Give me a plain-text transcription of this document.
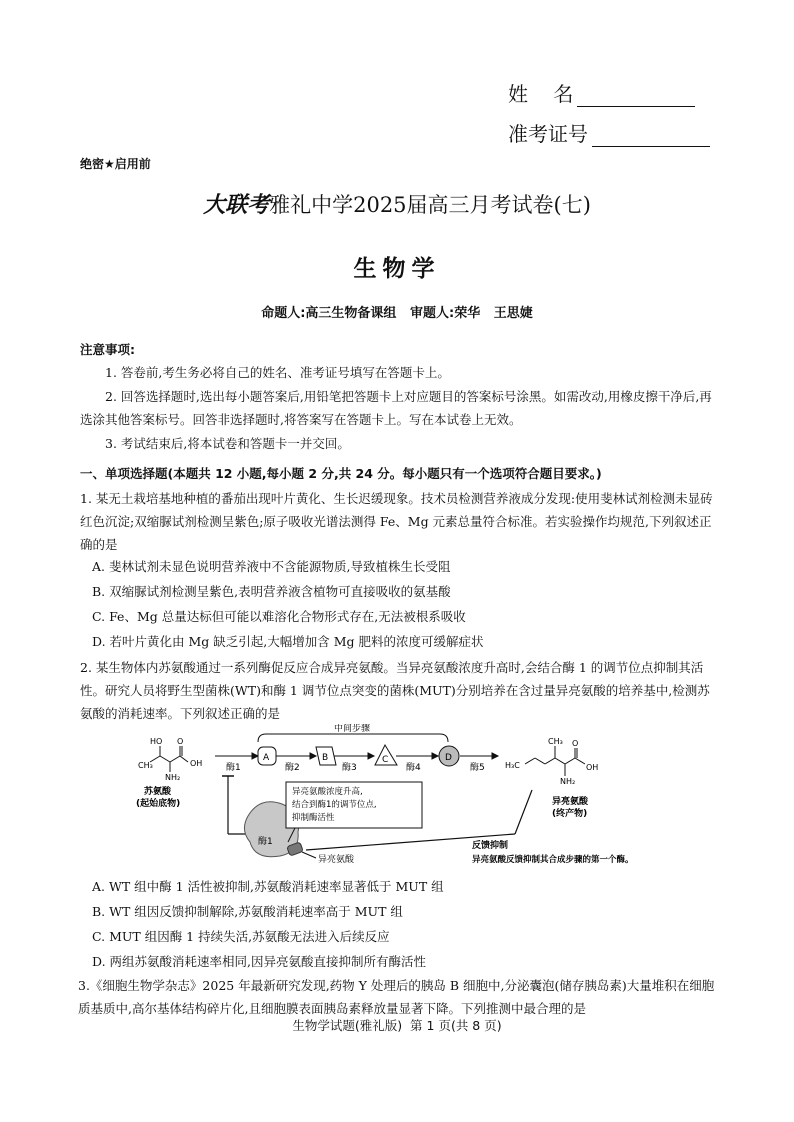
姓    名
准考证号
绝密★启用前
大联考雅礼中学2025届高三月考试卷(七)
生物学
命题人:高三生物备课组   审题人:荣华   王思婕
注意事项:
1. 答卷前,考生务必将自己的姓名、准考证号填写在答题卡上。
2. 回答选择题时,选出每小题答案后,用铅笔把答题卡上对应题目的答案标号涂黑。如需改动,用橡皮擦干净后,再选涂其他答案标号。回答非选择题时,将答案写在答题卡上。写在本试卷上无效。
3. 考试结束后,将本试卷和答题卡一并交回。
一、单项选择题(本题共 12 小题,每小题 2 分,共 24 分。每小题只有一个选项符合题目要求。)
1. 某无土栽培基地种植的番茄出现叶片黄化、生长迟缓现象。技术员检测营养液成分发现:使用斐林试剂检测未显砖红色沉淀;双缩脲试剂检测呈紫色;原子吸收光谱法测得 Fe、Mg 元素总量符合标准。若实验操作均规范,下列叙述正确的是
A. 斐林试剂未显色说明营养液中不含能源物质,导致植株生长受阻
B. 双缩脲试剂检测呈紫色,表明营养液含植物可直接吸收的氨基酸
C. Fe、Mg 总量达标但可能以难溶化合物形式存在,无法被根系吸收
D. 若叶片黄化由 Mg 缺乏引起,大幅增加含 Mg 肥料的浓度可缓解症状
2. 某生物体内苏氨酸通过一系列酶促反应合成异亮氨酸。当异亮氨酸浓度升高时,会结合酶 1 的调节位点抑制其活性。研究人员将野生型菌株(WT)和酶 1 调节位点突变的菌株(MUT)分别培养在含过量异亮氨酸的培养基中,检测苏氨酸的消耗速率。下列叙述正确的是
HO O
CH₃	OH
NH₂
苏氨酸
(起始底物)
中间步骤
A	B	C	D
酶1	酶2	酶3	酶4	酶5
CH₃
H₃C
O
OH
NH₂
异亮氨酸
(终产物)
酶1
异亮氨酸
异亮氨酸浓度升高,
结合到酶1的调节位点,
抑制酶活性
反馈抑制
异亮氨酸反馈抑制其合成步骤的第一个酶。
A. WT 组中酶 1 活性被抑制,苏氨酸消耗速率显著低于 MUT 组
B. WT 组因反馈抑制解除,苏氨酸消耗速率高于 MUT 组
C. MUT 组因酶 1 持续失活,苏氨酸无法进入后续反应
D. 两组苏氨酸消耗速率相同,因异亮氨酸直接抑制所有酶活性
3.《细胞生物学杂志》2025 年最新研究发现,药物 Y 处理后的胰岛 B 细胞中,分泌囊泡(储存胰岛素)大量堆积在细胞质基质中,高尔基体结构碎片化,且细胞膜表面胰岛素释放量显著下降。下列推测中最合理的是
生物学试题(雅礼版)  第 1 页(共 8 页)
